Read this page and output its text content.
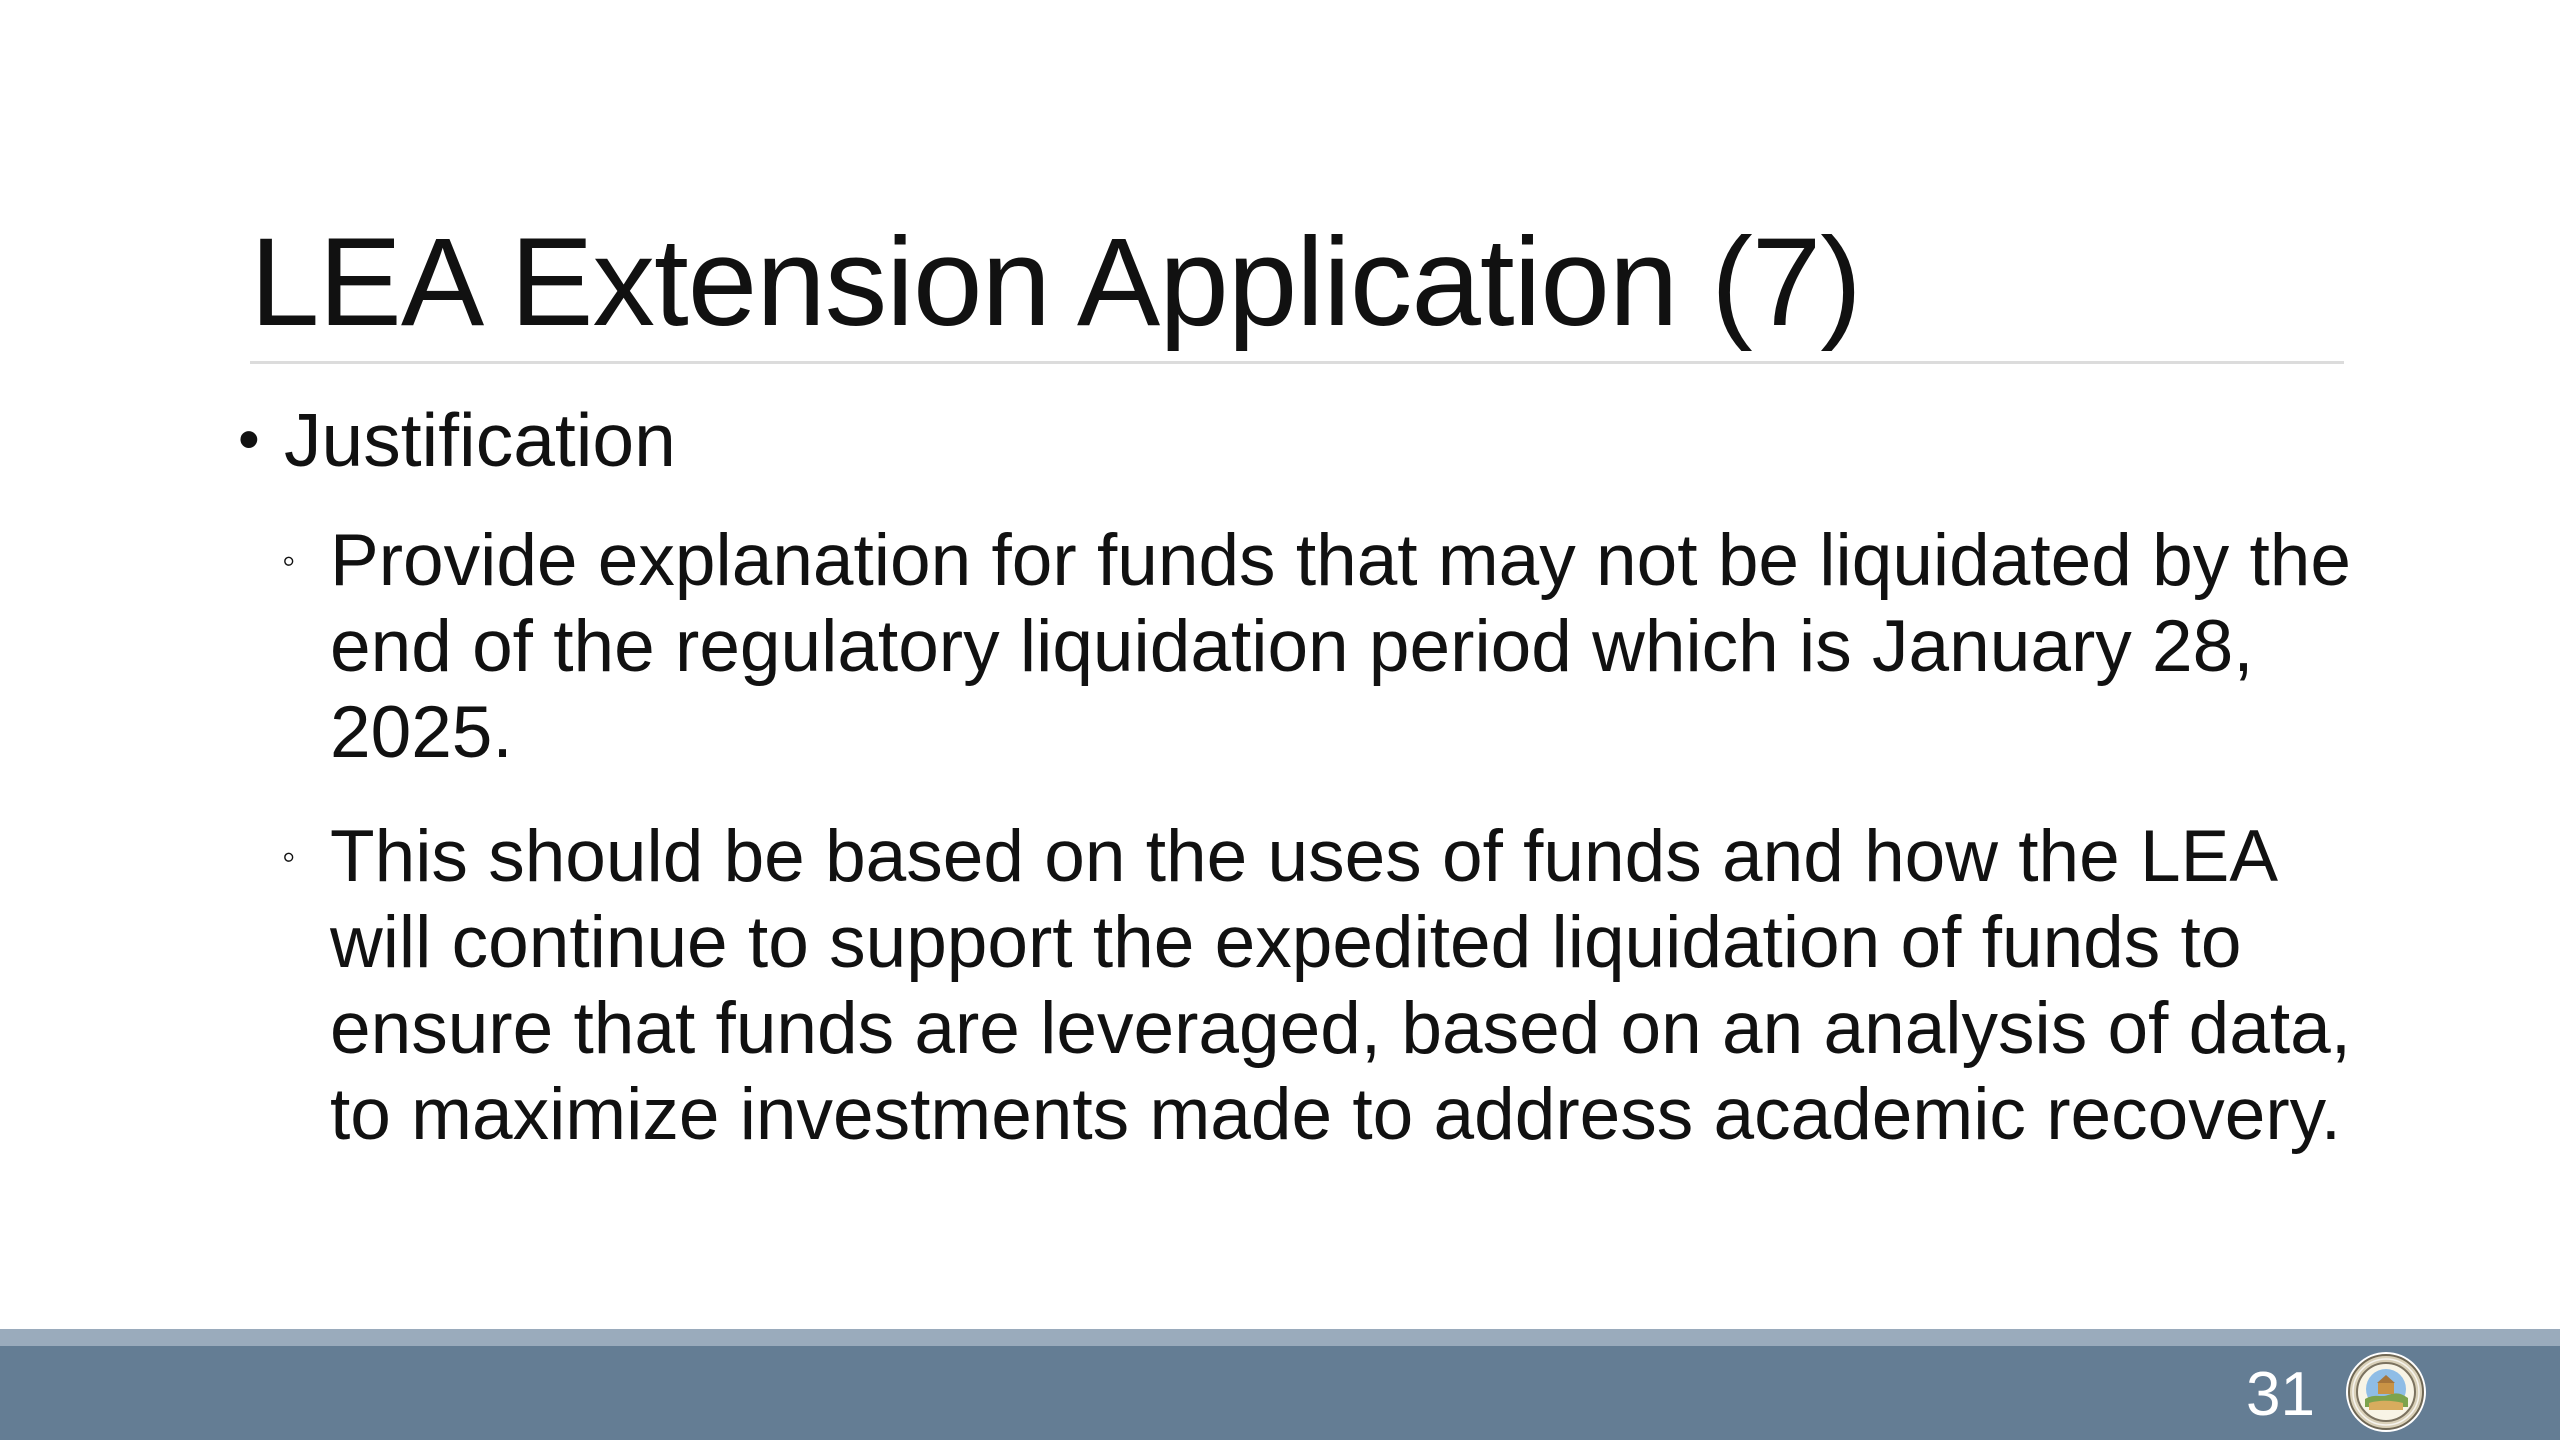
LEA Extension Application (7)
• Justification
◦ Provide explanation for funds that may not be liquidated by the end of the regulatory liquidation period which is January 28, 2025.
◦ This should be based on the uses of funds and how the LEA will continue to support the expedited liquidation of funds to ensure that funds are leveraged, based on an analysis of data, to maximize investments made to address academic recovery.
31
